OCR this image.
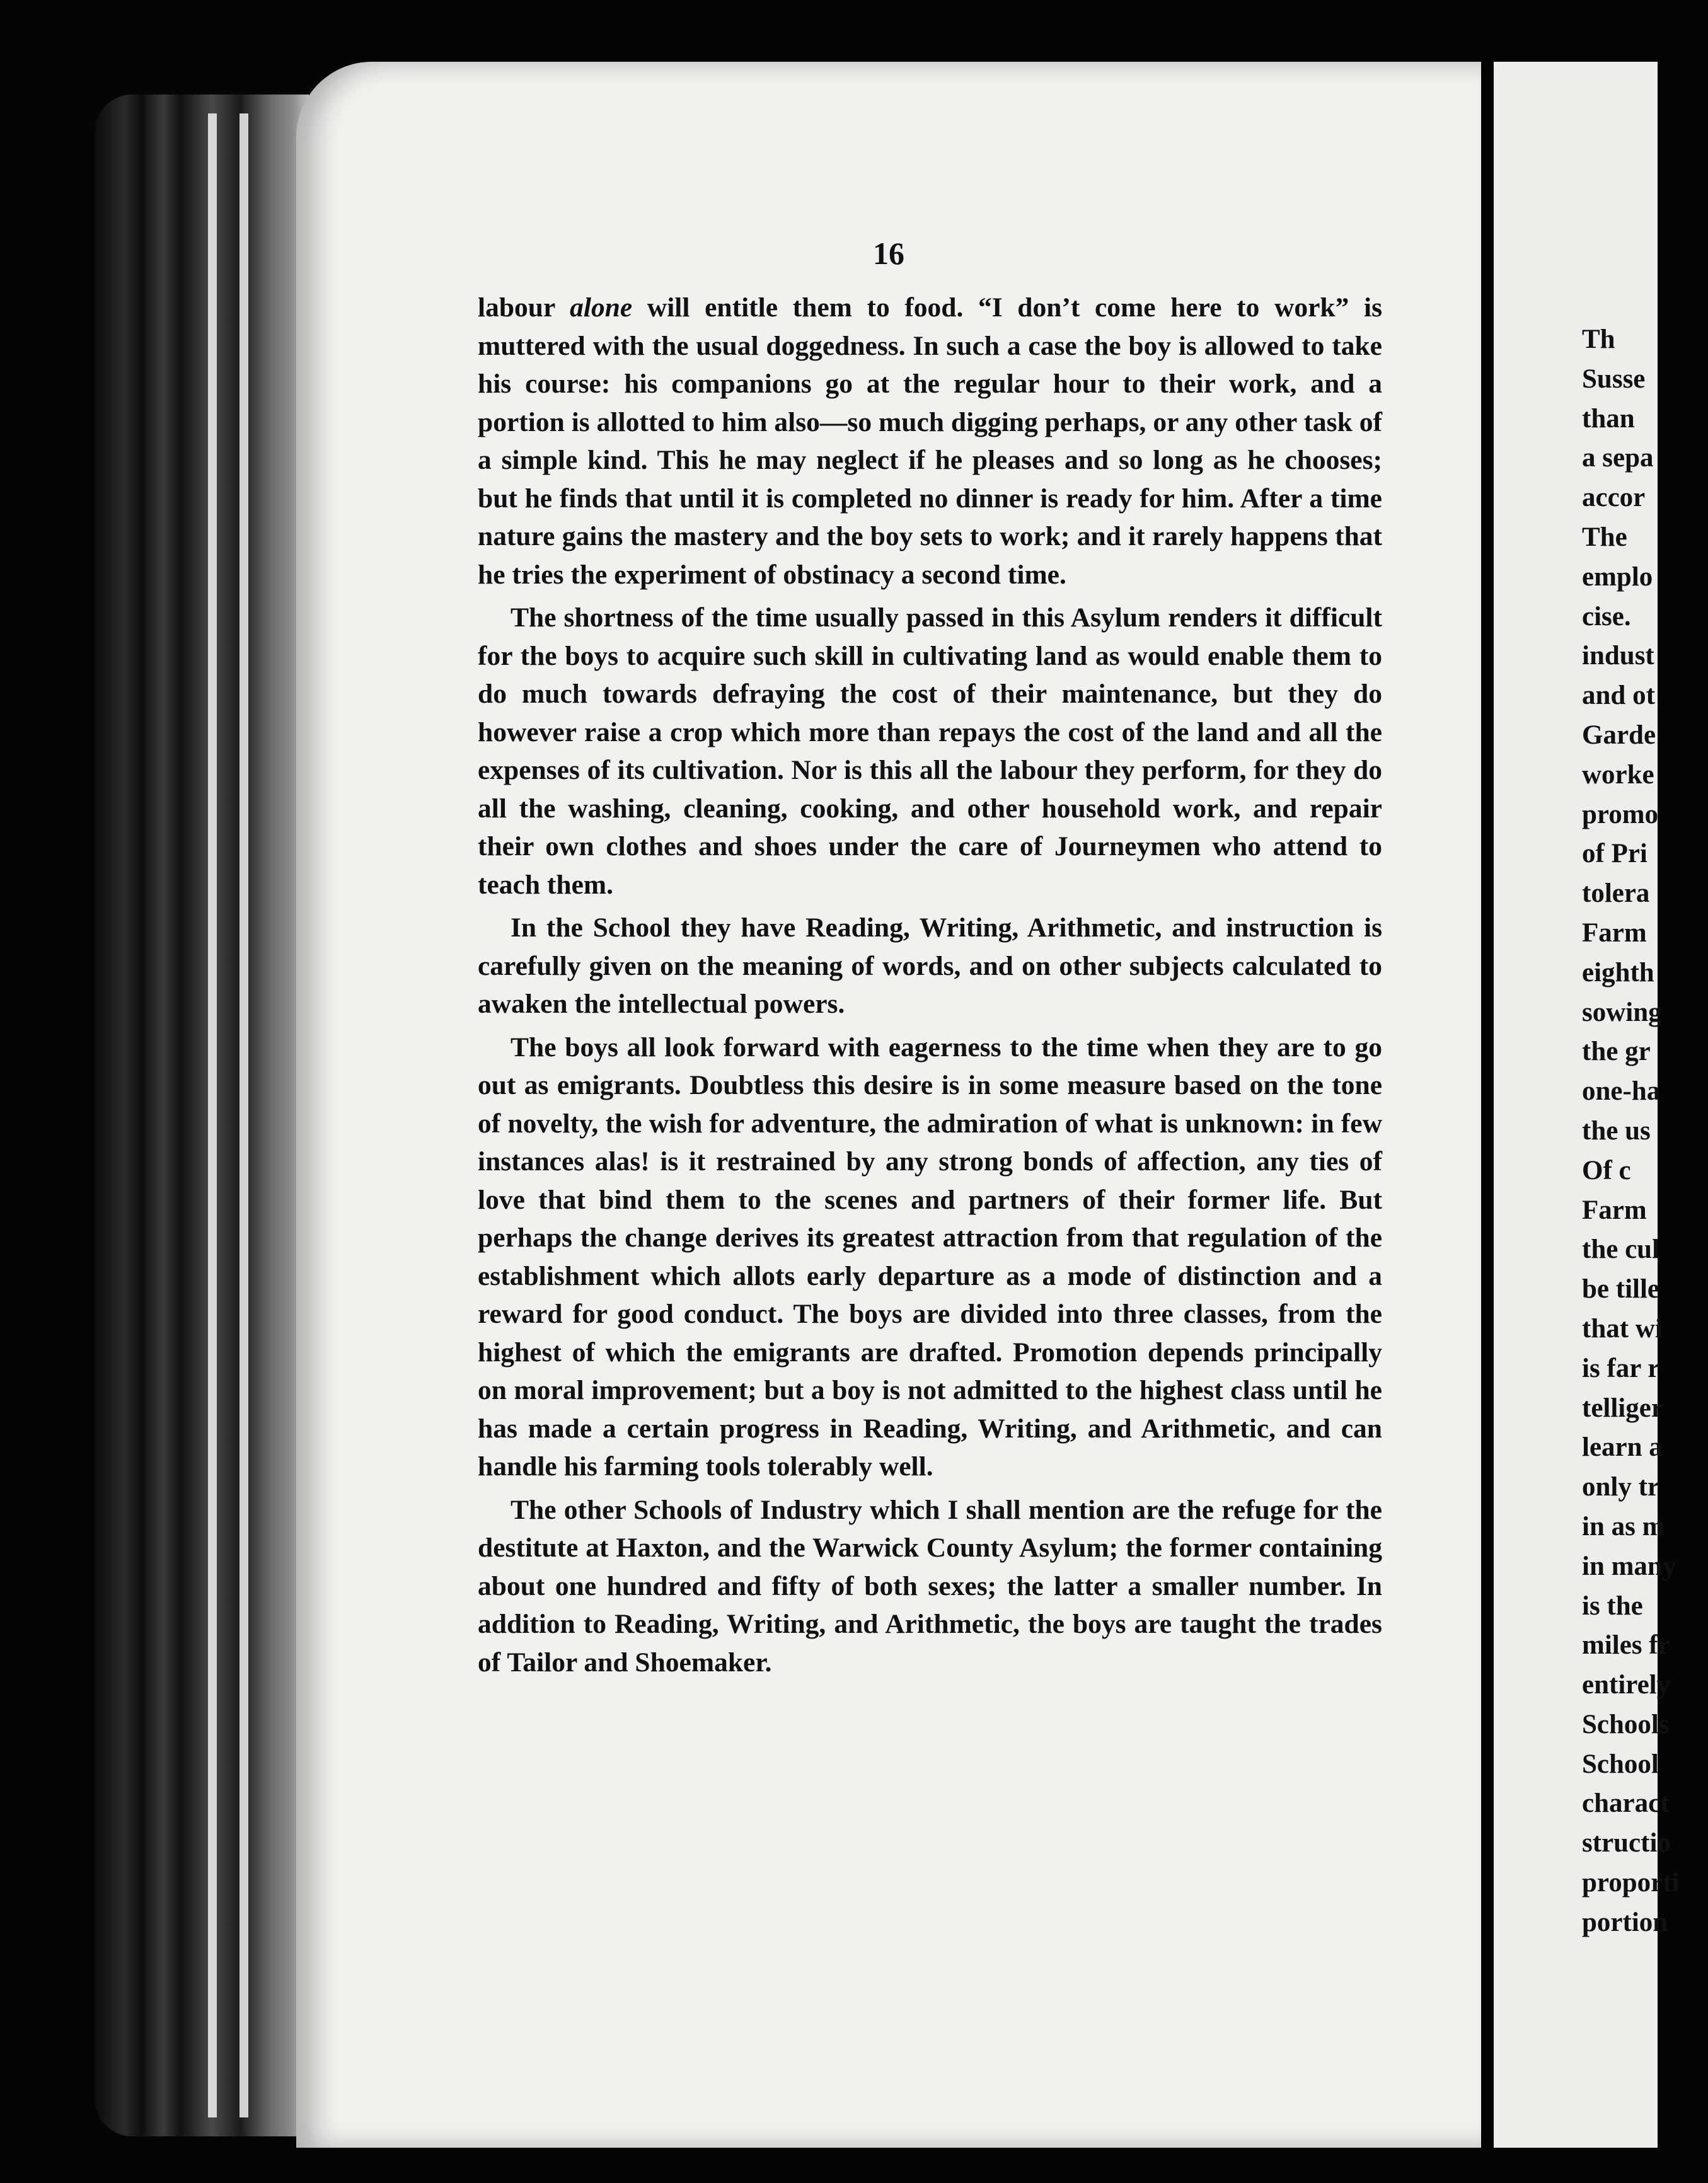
16

labour alone will entitle them to food. “I don’t come here to work” is muttered with the usual doggedness. In such a case the boy is allowed to take his course: his companions go at the regular hour to their work, and a portion is allotted to him also—so much digging perhaps, or any other task of a simple kind. This he may neglect if he pleases and so long as he chooses; but he finds that until it is completed no dinner is ready for him. After a time nature gains the mastery and the boy sets to work; and it rarely happens that he tries the experiment of obstinacy a second time.

The shortness of the time usually passed in this Asylum renders it difficult for the boys to acquire such skill in cultivating land as would enable them to do much towards defraying the cost of their maintenance, but they do however raise a crop which more than repays the cost of the land and all the expenses of its cultivation. Nor is this all the labour they perform, for they do all the washing, cleaning, cooking, and other household work, and repair their own clothes and shoes under the care of Journeymen who attend to teach them.

In the School they have Reading, Writing, Arithmetic, and instruction is carefully given on the meaning of words, and on other subjects calculated to awaken the intellectual powers.

The boys all look forward with eagerness to the time when they are to go out as emigrants. Doubtless this desire is in some measure based on the tone of novelty, the wish for adventure, the admiration of what is unknown: in few instances alas! is it restrained by any strong bonds of affection, any ties of love that bind them to the scenes and partners of their former life. But perhaps the change derives its greatest attraction from that regulation of the establishment which allots early departure as a mode of distinction and a reward for good conduct. The boys are divided into three classes, from the highest of which the emigrants are drafted. Promotion depends principally on moral improvement; but a boy is not admitted to the highest class until he has made a certain progress in Reading, Writing, and Arithmetic, and can handle his farming tools tolerably well.

The other Schools of Industry which I shall mention are the refuge for the destitute at Haxton, and the Warwick County Asylum; the former containing about one hundred and fifty of both sexes; the latter a smaller number. In addition to Reading, Writing, and Arithmetic, the boys are taught the trades of Tailor and Shoemaker.

Th
Susse
than
a sepa
accor
The
emplo
cise.
indust
and ot
Garde
worke
promo
of Pri
tolera
Farm
eighth
sowing
the gr
one-ha
the us
Of c
Farm
the cul
be tille
that wi
is far r
telliger
learn a
only tr
in as m
in many
is the
miles fr
entirely
Schools
School
charact
structio
proporti
portion
